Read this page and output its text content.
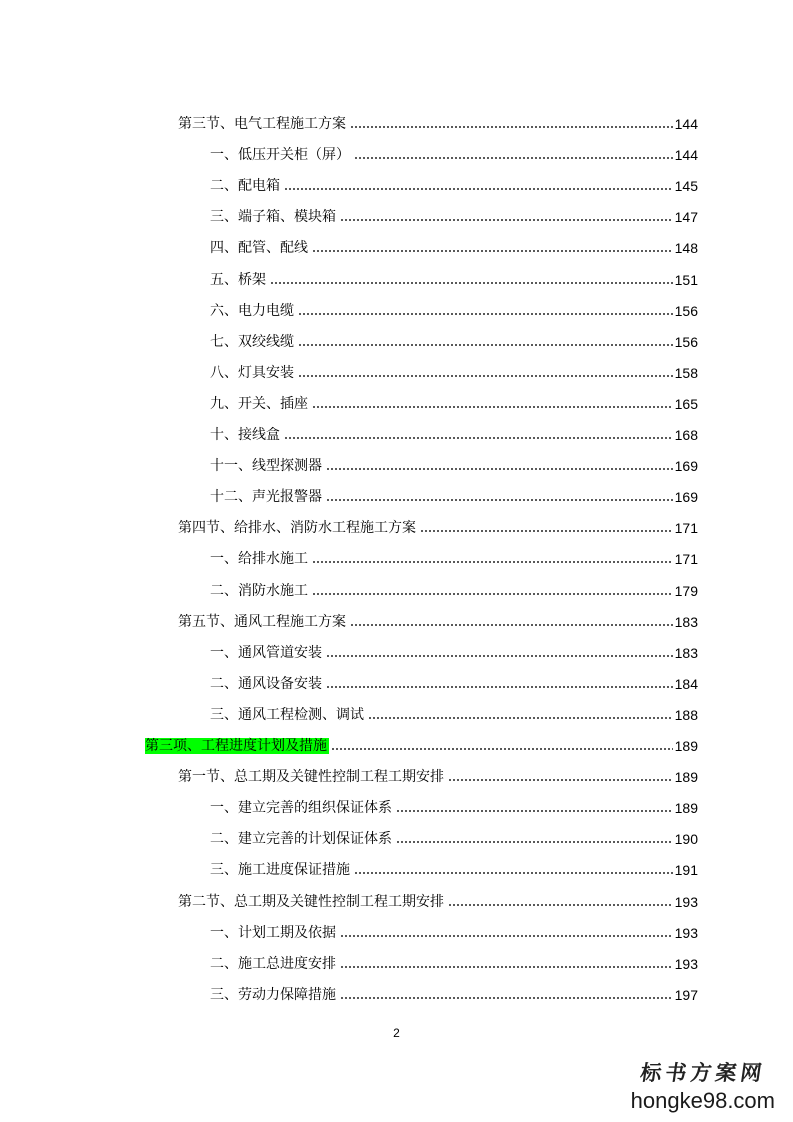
第三节、电气工程施工方案	144
一、低压开关柜（屏）	144
二、配电箱	145
三、端子箱、模块箱	147
四、配管、配线	148
五、桥架	151
六、电力电缆	156
七、双绞线缆	156
八、灯具安装	158
九、开关、插座	165
十、接线盒	168
十一、线型探测器	169
十二、声光报警器	169
第四节、给排水、消防水工程施工方案	171
一、给排水施工	171
二、消防水施工	179
第五节、通风工程施工方案	183
一、通风管道安装	183
二、通风设备安装	184
三、通风工程检测、调试	188
第三项、工程进度计划及措施	189
第一节、总工期及关键性控制工程工期安排	189
一、建立完善的组织保证体系	189
二、建立完善的计划保证体系	190
三、施工进度保证措施	191
第二节、总工期及关键性控制工程工期安排	193
一、计划工期及依据	193
二、施工总进度安排	193
三、劳动力保障措施	197
2
标书方案网
hongke98.com
